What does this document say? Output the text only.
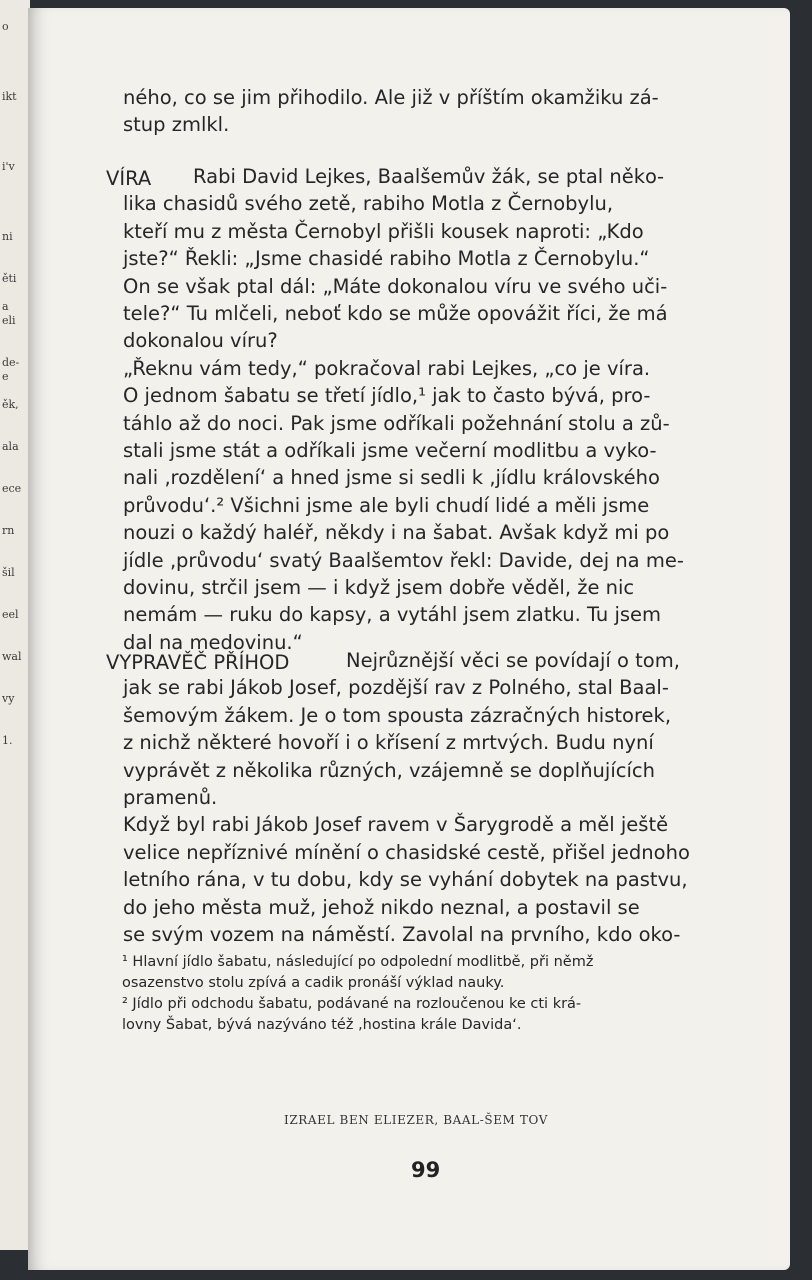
o
ikt
i'v
ni
a
e
ěti
eli
de-
ěk,
ala
ece
rn
šil
eel
wal
vy
1.
ného, co se jim přihodilo. Ale již v příštím okamžiku zá-
stup zmlkl.
VÍRA Rabi David Lejkes, Baalšemův žák, se ptal někо-
lika chasidů svého zetě, rabiho Motla z Černobylu,
kteří mu z města Černobyl přišli kousek naproti: „Kdo
jste?“ Řekli: „Jsme chasidé rabiho Motla z Černobylu.“
On se však ptal dál: „Máte dokonalou víru ve svého uči-
tele?“ Tu mlčeli, neboť kdo se může opovážit říci, že má
dokonalou víru?
„Řeknu vám tedy,“ pokračoval rabi Lejkes, „co je víra.
O jednom šabatu se třetí jídlo,¹ jak to často bývá, pro-
táhlo až do noci. Pak jsme odříkali požehnání stolu a zů-
stali jsme stát a odříkali jsme večerní modlitbu a vyko-
nali ‚rozdělení‘ a hned jsme si sedli k ‚jídlu královského
průvodu‘.² Všichni jsme ale byli chudí lidé a měli jsme
nouzi o každý haléř, někdy i na šabat. Avšak když mi po
jídle ‚průvodu‘ svatý Baalšemtov řekl: Davide, dej na me-
dovinu, strčil jsem — i když jsem dobře věděl, že nic
nemám — ruku do kapsy, a vytáhl jsem zlatku. Tu jsem
dal na medovinu.“
VYPRAVĚČ PŘÍHOD	Nejrůznější věci se povídají o tom,
jak se rabi Jákob Josef, pozdější rav z Polného, stal Baal-
šemovým žákem. Je o tom spousta zázračných historek,
z nichž některé hovoří i o křísení z mrtvých. Budu nyní
vyprávět z několika různých, vzájemně se doplňujících
pramenů.
Když byl rabi Jákob Josef ravem v Šarygrodě a měl ještě
velice nepříznivé mínění o chasidské cestě, přišel jednoho
letního rána, v tu dobu, kdy se vyhání dobytek na pastvu,
do jeho města muž, jehož nikdo neznal, a postavil se
se svým vozem na náměstí. Zavolal na prvního, kdo oko-
¹ Hlavní jídlo šabatu, následující po odpolední modlitbě, při němž
osazenstvo stolu zpívá a cadik pronáší výklad nauky.
² Jídlo při odchodu šabatu, podávané na rozloučenou ke cti krá-
lovny Šabat, bývá nazýváno též ‚hostina krále Davida‘.
IZRAEL BEN ELIEZER, BAAL-ŠEM TOV
99
